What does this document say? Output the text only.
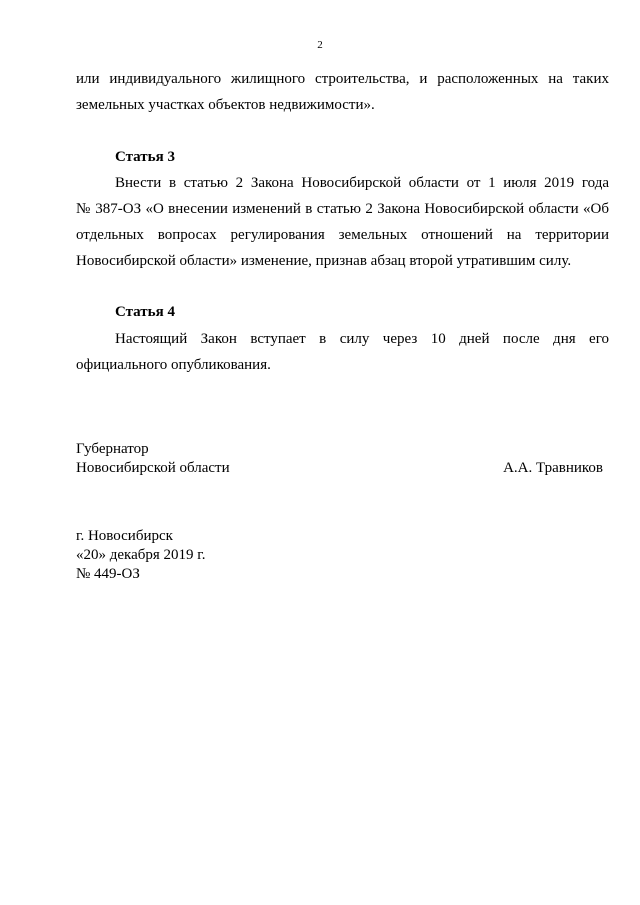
2
или индивидуального жилищного строительства, и расположенных на таких
земельных участках объектов недвижимости».
Статья 3
Внести в статью 2 Закона Новосибирской области от 1 июля 2019 года
№ 387-ОЗ «О внесении изменений в статью 2 Закона Новосибирской области «Об
отдельных вопросах регулирования земельных отношений на территории
Новосибирской области» изменение, признав абзац второй утратившим силу.
Статья 4
Настоящий Закон вступает в силу через 10 дней после дня его
официального опубликования.
Губернатор
Новосибирской области	А.А. Травников
г. Новосибирск
«20» декабря 2019 г.
№ 449-ОЗ
